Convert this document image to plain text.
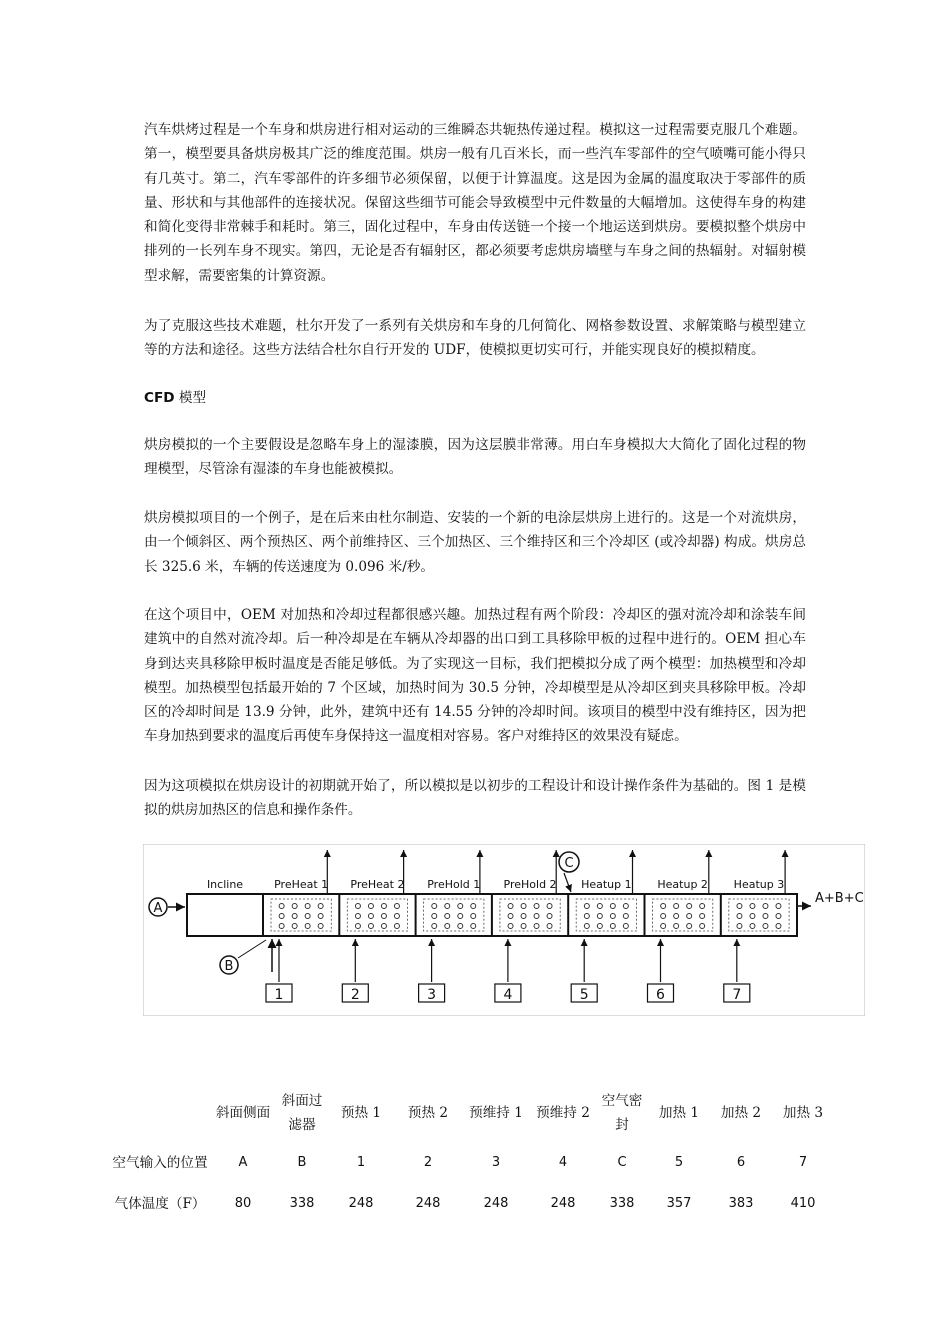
汽车烘烤过程是一个车身和烘房进行相对运动的三维瞬态共轭热传递过程。模拟这一过程需要克服几个难题。第一，模型要具备烘房极其广泛的维度范围。烘房一般有几百米长，而一些汽车零部件的空气喷嘴可能小得只有几英寸。第二，汽车零部件的许多细节必须保留，以便于计算温度。这是因为金属的温度取决于零部件的质量、形状和与其他部件的连接状况。保留这些细节可能会导致模型中元件数量的大幅增加。这使得车身的构建和简化变得非常棘手和耗时。第三，固化过程中，车身由传送链一个接一个地运送到烘房。要模拟整个烘房中排列的一长列车身不现实。第四，无论是否有辐射区，都必须要考虑烘房墙壁与车身之间的热辐射。对辐射模型求解，需要密集的计算资源。

为了克服这些技术难题，杜尔开发了一系列有关烘房和车身的几何简化、网格参数设置、求解策略与模型建立等的方法和途径。这些方法结合杜尔自行开发的 UDF，使模拟更切实可行，并能实现良好的模拟精度。

CFD 模型

烘房模拟的一个主要假设是忽略车身上的湿漆膜，因为这层膜非常薄。用白车身模拟大大简化了固化过程的物理模型，尽管涂有湿漆的车身也能被模拟。

烘房模拟项目的一个例子，是在后来由杜尔制造、安装的一个新的电涂层烘房上进行的。这是一个对流烘房，由一个倾斜区、两个预热区、两个前维持区、三个加热区、三个维持区和三个冷却区 (或冷却器) 构成。烘房总长 325.6 米，车辆的传送速度为 0.096 米/秒。

在这个项目中，OEM 对加热和冷却过程都很感兴趣。加热过程有两个阶段：冷却区的强对流冷却和涂装车间建筑中的自然对流冷却。后一种冷却是在车辆从冷却器的出口到工具移除甲板的过程中进行的。OEM 担心车身到达夹具移除甲板时温度是否能足够低。为了实现这一目标，我们把模拟分成了两个模型：加热模型和冷却模型。加热模型包括最开始的 7 个区域，加热时间为 30.5 分钟，冷却模型是从冷却区到夹具移除甲板。冷却区的冷却时间是 13.9 分钟，此外，建筑中还有 14.55 分钟的冷却时间。该项目的模型中没有维持区，因为把车身加热到要求的温度后再使车身保持这一温度相对容易。客户对维持区的效果没有疑虑。

因为这项模拟在烘房设计的初期就开始了，所以模拟是以初步的工程设计和设计操作条件为基础的。图 1 是模拟的烘房加热区的信息和操作条件。

Incline	PreHeat 1 PreHeat 2 PreHold 1 PreHold 2 Heatup 1 Heatup 2 Heatup 3
1	2	3	4	5	6	7
A
B
C
A+B+C
	斜面侧面	斜面过滤器	预热 1	预热 2	预维持 1	预维持 2	空气密封	加热 1	加热 2	加热 3
空气输入的位置	A	B	1	2	3	4	C	5	6	7
气体温度（F）	80	338	248	248	248	248	338	357	383	410
